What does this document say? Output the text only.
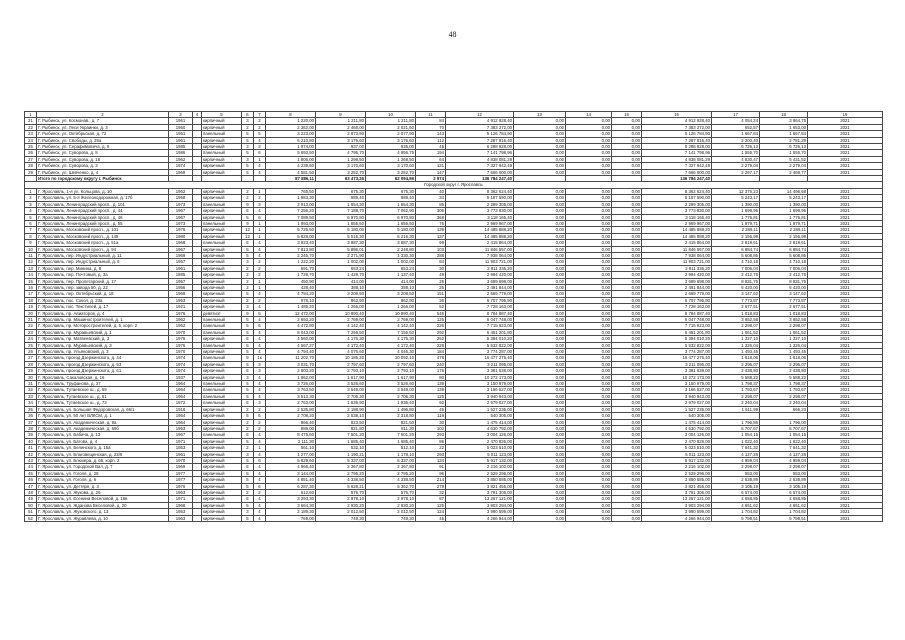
48
1	2	3	4	5	6	7	8	9	10	11	12	13	14	15	16	17	18	19
21	Г. Рыбинск, ул. Космонав., д. 7	1961		кирпичный	3	2	1 220,00	1 211,80	1 211,80	84	4 912 928,40	0,00	0,00	0,00	4 912 928,40	4 054,24	3 864,75	2021
22	Г. Рыбинск, ул. Леси Украинки, д. 3	1950		кирпичный	2	2	2 362,00	2 468,00	2 021,60	70	7 383 272,00	0,00	0,00	0,00	7 383 272,00	652,57	1 653,00	2021
23	Г. Рыбинск, ул. Октябрьская, д. 72	1951		панельный	5	5	3 223,00	2 873,90	2 077,90	143	5 126 784,90	0,00	0,00	0,00	5 126 784,90	1 667,84	1 667,84	2021
24	Г. Рыбинск, ул. Свободы, д. 25а	1961		кирпичный	5	4	5 210,80	3 176,60	3 176,60	112	7 287 816,40	0,00	0,00	0,00	7 287 816,40	2 200,40	2 781,29	2021
25	Г. Рыбинск, ул. Серафимовича, д. 9	1985		кирпичный	3	3	1 974,00	937,00	935,00	45	6 288 928,00	0,00	0,00	0,00	6 288 928,00	6 726,13	6 726,13	2021
26	Г. Рыбинск, ул. Суворова, д. 8	1986		панельный	5	6	5 693,50	4 795,70	4 956,75	194	7 141 798,96	0,00	0,00	0,00	7 141 798,96	1 555,70	1 555,70	2021
27	Г. Рыбинск, ул. Суворова, д. 18	1962		кирпичный	3	1	1 806,00	1 298,50	1 268,50	64	4 838 081,29	0,00	0,00	0,00	4 838 081,29	4 630,47	5 431,52	2021
28	Г. Рыбинск, ул. Суворова, д. 3	1974		кирпичный	5	4	4 239,60	3 170,60	3 170,60	131	7 327 942,49	0,00	0,00	0,00	7 327 942,49	2 279,04	2 279,04	2021
29	Г. Рыбинск, ул. Шевченко, д. 4	1969		кирпичный	5	4	4 581,50	3 252,70	3 252,70	147	7 666 000,00	0,00	0,00	0,00	7 666 000,00	2 267,17	2 469,77	2021
	Итого по городскому округу г. Рыбинск						87 886,11	63 473,26	62 094,86	2 974	136 784 247,40				136 784 247,40			
Городской округ г. Ярославль																		
1	Г. Ярославль, 1-я ул. Кольцова, д. 10	1962		кирпичный	2	1	765,50	675,30	675,30	40	8 362 624,40	0,00	0,00	0,00	8 362 624,40	12 376,23	14 496,68	2021
2	Г. Ярославль, ул. 5-я Железнодорожная, д. 17б	1958		кирпичный	2	2	1 983,30	989,40	989,40	34	5 187 590,00	0,00	0,00	0,00	5 187 590,00	5 243,17	5 243,17	2021
3	Г. Ярославль, Ленинградский просп., д. 101	1973		панельный	9	3	2 913,00	1 654,30	1 654,30	85	2 299 305,00	0,00	0,00	0,00	2 299 305,00	1 390,00	1 390,00	2021
4	Г. Ярославль, Ленинградский просп., д. 44	1967		кирпичный	5	4	7 256,20	7 188,70	7 062,90	305	3 773 830,00	0,00	0,00	0,00	3 773 830,00	1 699,95	1 699,95	2021
5	Г. Ярославль, Ленинградский просп., д. 46	1967		кирпичный	5	6	7 089,50	6 970,80	6 970,80	368	3 118 165,40	0,00	0,00	0,00	3 118 165,40	1 776,81	1 776,81	2021
6	Г. Ярославль, Ленинградский просп., д. 55	1973		панельный	9	1	1 993,00	1 655,50	1 655,50	76	2 969 967,00	0,00	0,00	0,00	2 969 967,00	1 979,71	1 979,71	2021
7	Г. Ярославль, Московский просп., д. 101	1976		кирпичный	12	1	5 725,50	5 180,00	5 180,00	139	14 485 888,20	0,00	0,00	0,00	14 485 888,20	2 289,11	2 289,11	2021
8	Г. Ярославль, Московский просп., д. 145	1980		кирпичный	12	1	5 828,00	5 516,30	5 216,30	137	14 485 888,20	0,00	0,00	0,00	14 485 888,20	2 156,99	2 156,99	2021
9	Г. Ярославль, Московский просп., д. 51а	1968		панельный	5	4	3 923,40	3 887,30	3 887,30	99	2 415 864,00	0,00	0,00	0,00	2 415 864,00	2 818,61	2 818,61	2021
10	Г. Ярославль, Московский просп., д. 94	1967		кирпичный	5	4	7 813,80	5 886,01	2 248,80	103	11 846 557,00	0,00	0,00	0,00	11 846 557,00	6 884,74	6 884,74	2021
11	Г. Ярославль, пер. Индустриальный, д. 11	1969		кирпичный	5	4	2 245,70	2 271,90	1 330,30	288	7 938 064,00	0,00	0,00	0,00	7 938 064,00	5 608,85	5 608,85	2021
12	Г. Ярославль, пер. Индустриальный, д. 6	1957		кирпичный	3	2	1 222,20	1 002,00	1 002,00	84	11 903 721,00	0,00	0,00	0,00	11 903 721,00	4 710,19	4 710,19	2021
13	Г. Ярославль, пер. Минина, д. 8	1961		кирпичный	2	2	691,70	653,24	653,24	30	2 811 335,20	0,00	0,00	0,00	2 811 335,20	7 006,04	7 006,04	2021
14	Г. Ярославль, пер. Почтовый, д. 3а	1885		кирпичный	2	2	1 729,70	1 429,70	1 137,40	49	2 994 420,00	0,00	0,00	0,00	2 994 420,00	2 412,75	2 412,75	2021
15	Г. Ярославль, пер. Пролетарский, д. 17	1957		кирпичный	2	1	450,90	414,00	414,00	25	3 699 698,00	0,00	0,00	0,00	3 699 698,00	8 931,75	8 931,75	2021
16	Г. Ярославль, пер. завода 50, д. 22	1956		кирпичный	2	1	428,40	388,10	388,10	25	2 491 844,00	0,00	0,00	0,00	2 491 844,00	6 420,00	6 420,00	2021
17	Г. Ярославль, пер. Октябрьский, д. 18	1969		кирпичный	5	4	4 794,20	3 208,50	3 208,50	151	2 669 779,00	0,00	0,00	0,00	2 669 779,00	3 147,62	3 147,62	2021
18	Г. Ярославль, пос. Сокол, д. 23а	1953		кирпичный	2	2	978,10	862,90	862,90	36	6 707 795,90	0,00	0,00	0,00	6 707 795,90	7 773,87	7 773,87	2021
19	Г. Ярославль, пос. Текстилей, д. 17	1921		кирпичный	3	4	1 485,20	1 266,00	1 266,00	52	7 728 163,00	0,00	0,00	0,00	7 728 163,00	2 677,51	2 677,51	2021
20	Г. Ярославль, пр. Авиаторов, д. 4	1976		девятиэт	9	5	12 472,00	10 890,40	10 890,40	545	8 784 887,40	0,00	0,00	0,00	8 784 887,40	1 018,83	1 018,83	2021
21	Г. Ярославль, пр. Машиностроителей, д. 1	1962		панельный	5	4	2 693,20	2 769,00	2 769,00	125	6 047 748,00	0,00	0,00	0,00	6 047 748,00	3 652,58	3 652,58	2021
22	Г. Ярославль, пр. Моторостроителей, д. 5, корп. 2	1962		панельный	5	6	4 472,80	4 142,40	4 142,40	226	7 715 923,00	0,00	0,00	0,00	7 715 923,00	2 298,07	2 298,07	2021
23	Г. Ярославль, пр. Муравьевский, д. 1	1970		панельный	5	4	8 043,00	7 256,50	7 155,50	292	6 451 201,80	0,00	0,00	0,00	6 451 201,80	1 061,52	1 061,52	2021
24	Г. Ярославль, пр. Матвеевский, д. 3	1976		кирпичный	5	4	4 560,00	4 176,30	4 176,30	252	5 394 010,20	0,00	0,00	0,00	5 394 010,20	1 327,10	1 327,10	2021
25	Г. Ярославль, пр. Муравьевский, д. 3	1976		панельный	5	4	4 567,27	4 172,40	4 172,40	228	5 532 822,00	0,00	0,00	0,00	5 532 822,00	1 326,04	1 326,04	2021
26	Г. Ярославль, пр. Ульяновский, д. 3	1970		кирпичный	5	4	4 794,40	4 076,60	4 046,30	184	3 774 287,00	0,00	0,00	0,00	3 774 287,00	1 493,45	1 493,45	2021
27	Г. Ярославль, проезд Дзержинского, д. 44	1974		панельный	9	1к	11 202,70	10 185,20	10 092,10	478	16 477 275,40	0,00	0,00	0,00	16 477 275,40	1 618,06	1 618,06	2021
28	Г. Ярославль, проезд Дзержинского, д. 53	1974		кирпичный	5	3	3 031,70	2 797,60	2 797,60	240	3 211 095,00	0,00	0,00	0,00	3 211 095,00	2 296,07	2 296,07	2021
29	Г. Ярославль, проезд Дзержинского, д. 61	1974		кирпичный	5	3	2 803,20	2 793,10	2 793,10	176	3 381 538,00	0,00	0,00	0,00	3 381 538,00	2 438,80	2 438,80	2021
30	Г. Ярославль, Сакаловская, д. 16	1937		кирпичный	3	4	1 862,00	1 617,90	1 617,90	80	10 272 173,00	0,00	0,00	0,00	10 272 173,00	5 588,22	5 588,22	2021
31	Г. Ярославль, Труфанова, д. 37	1964		панельный	5	4	3 726,00	3 526,60	3 526,60	139	3 150 979,00	0,00	0,00	0,00	3 150 979,00	1 798,37	1 798,37	2021
32	Г. Ярославль, Тутаевское ш., д. 59	1964		панельный	5	4	3 763,50	3 549,00	3 549,00	139	3 166 527,00	0,00	0,00	0,00	3 166 527,00	1 793,67	1 793,67	2021
33	Г. Ярославль, Тутаевское ш., д. 61	1964		панельный	5	4	3 513,30	2 706,30	2 706,30	125	3 940 943,00	0,00	0,00	0,00	3 940 943,00	2 298,07	2 298,07	2021
34	Г. Ярославль, Тутаевское ш., д. 73	1972		панельный	5	3	2 763,00	1 635,90	1 935,40	92	2 979 027,00	0,00	0,00	0,00	2 979 027,00	2 240,04	2 240,04	2021
35	Г. Ярославль, ул. Большая Федоровская, д. 66/1	1918		кирпичный	2	2	2 535,80	2 188,90	1 496,80	45	1 527 235,00	0,00	0,00	0,00	1 527 235,00	1 611,99	666,23	2021
36	Г. Ярославль, ул. 50 лет ВЛКСМ, д. 1	1964		кирпичный	5	6	2 708,20	2 538,10	2 318,80	119	540 305,00	0,00	0,00	0,00	540 305,00			2021
37	Г. Ярославль, ул. Академическая, д. 9а	1964		кирпичный	2	2	866,40	823,50	821,50	30	1 475 414,00	0,00	0,00	0,00	1 475 414,00	1 796,86	1 796,00	2021
38	Г. Ярославль, ул. Академическая, д. 59б	1953		кирпичный	2	2	886,00	821,80	811,30	102	4 630 792,00	0,00	0,00	0,00	4 630 792,00	5 707,67	5 707,67	2021
39	Г. Ярославль, ул. Бабича, д. 13	1967		панельный	5	4	8 475,60	7 501,20	7 501,20	293	3 004 126,00	0,00	0,00	0,00	3 004 126,00	1 054,15	1 054,15	2021
40	Г. Ярославль, ул. Батова, д. 4	1971		кирпичный	5	4	2 111,30	1 685,40	1 685,40	86	2 470 826,00	0,00	0,00	0,00	2 470 826,00	1 022,40	1 622,40	2021
41	Г. Ярославль, ул. Белинского, д. 15а	1953		кирпичный	2	1	561,10	532,10	512,10	22	5 023 510,00	0,00	0,00	0,00	5 023 510,00	7 641,32	7 641,32	2021
42	Г. Ярославль, ул. Благовещенская, д. 23/9	1961		кирпичный	3	4	1 277,00	1 190,21	1 178,10	293	5 011 123,00	0,00	0,00	0,00	5 011 123,00	4 127,26	4 127,26	2021
43	Г. Ярославль, ул. Блюхера, д. 66, корп. 2	1970		кирпичный	5	6	5 829,60	5 337,00	5 337,00	134	5 917 132,00	0,00	0,00	0,00	5 917 132,00	4 959,04	4 959,04	2021
44	Г. Ярославль, ул. Городской Вал, д. 7	1969		кирпичный	5	4	4 968,40	2 367,80	2 367,80	91	2 216 102,00	0,00	0,00	0,00	2 216 102,00	2 298,07	2 298,07	2021
45	Г. Ярославль, ул. Гоголя, д. 28	1977		кирпичный	5	4	3 144,00	2 795,20	2 795,20	96	2 529 296,00	0,00	0,00	0,00	2 529 296,00	553,00	553,00	2021
46	Г. Ярославль, ул. Гоголя, д. 6	1977		кирпичный	5	4	4 851,40	4 338,50	4 338,50	214	3 850 585,00	0,00	0,00	0,00	3 850 585,00	2 638,89	2 638,89	2021
47	Г. Ярославль, ул. Дегтяря, д. 3	1976		кирпичный	5	6	6 287,30	5 628,21	5 362,70	279	3 821 455,00	0,00	0,00	0,00	3 821 455,00	3 105,19	3 105,19	2021
48	Г. Ярославль, ул. Жукова, д. 26	1963		кирпичный	2	2	612,60	576,70	576,70	32	3 791 306,00	0,00	0,00	0,00	3 791 306,00	6 574,00	6 574,00	2021
49	Г. Ярославль, ул. Есенина Веселовой, д. 16в	1971		кирпичный	5	4	3 293,30	2 978,10	2 978,10	87	13 257 121,00	0,00	0,00	0,00	13 257 121,00	4 658,85	4 658,85	2021
50	Г. Ярославль, ул. Жданова Веселовой, д. 20	1968		кирпичный	5	4	3 664,30	2 930,20	2 930,20	125	3 903 294,00	0,00	0,00	0,00	3 903 294,00	4 661,62	4 661,62	2021
51	Г. Ярославль, ул. Жуковского, д. 13	1953		кирпичный	3	4	2 189,30	2 012,50	2 012,50	124	3 990 599,00	0,00	0,00	0,00	3 990 599,00	1 704,82	1 704,82	2021
52	Г. Ярославль, ул. Журавлева, д. 10	1963		кирпичный	5	4	769,00	749,30	749,30	45	4 266 944,00	0,00	0,00	0,00	4 266 944,00	5 799,51	5 799,51	2021
